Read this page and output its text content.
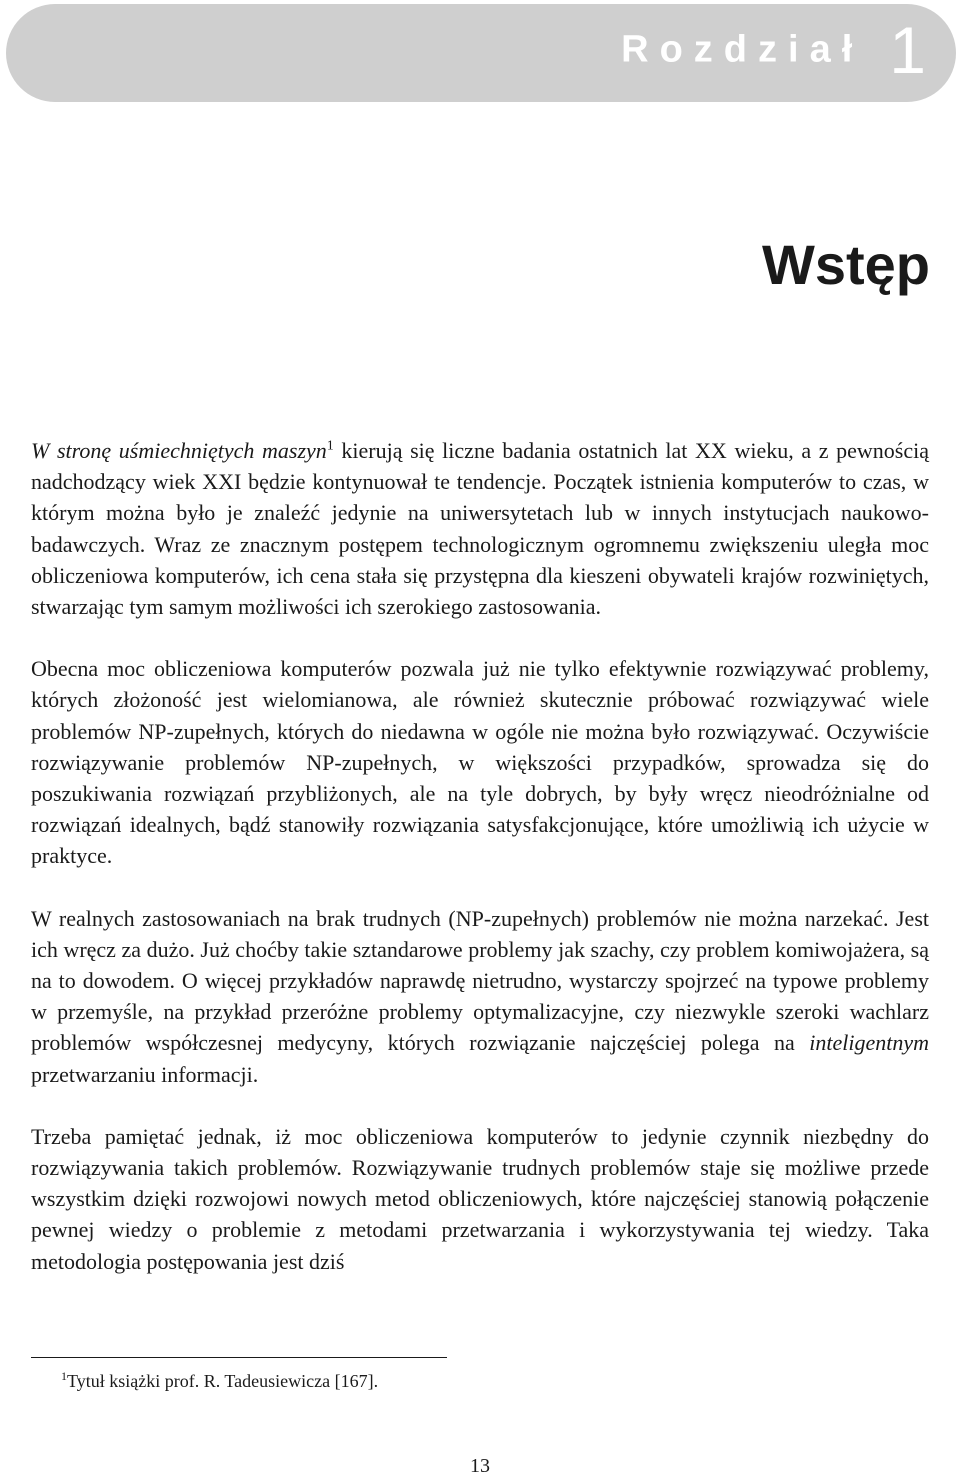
Rozdział 1
Wstęp

W stronę uśmiechniętych maszyn$^1$ kierują się liczne badania ostatnich lat XX wieku, a z pewnością nadchodzący wiek XXI będzie kontynuował te tendencje. Początek istnienia komputerów to czas, w którym można było je znaleźć jedynie na uniwersytetach lub w innych instytucjach naukowo-badawczych. Wraz ze znacznym postępem technologicznym ogromnemu zwiększeniu uległa moc obliczeniowa komputerów, ich cena stała się przystępna dla kieszeni obywateli krajów rozwiniętych, stwarzając tym samym możliwości ich szerokiego zastosowania.

Obecna moc obliczeniowa komputerów pozwala już nie tylko efektywnie rozwiązywać problemy, których złożoność jest wielomianowa, ale również skutecznie próbować rozwiązywać wiele problemów NP-zupełnych, których do niedawna w ogóle nie można było rozwiązywać. Oczywiście rozwiązywanie problemów NP-zupełnych, w większości przypadków, sprowadza się do poszukiwania rozwiązań przybliżonych, ale na tyle dobrych, by były wręcz nieodróżnialne od rozwiązań idealnych, bądź stanowiły rozwiązania satysfakcjonujące, które umożliwią ich użycie w praktyce.

W realnych zastosowaniach na brak trudnych (NP-zupełnych) problemów nie można narzekać. Jest ich wręcz za dużo. Już choćby takie sztandarowe problemy jak szachy, czy problem komiwojażera, są na to dowodem. O więcej przykładów naprawdę nietrudno, wystarczy spojrzeć na typowe problemy w przemyśle, na przykład przeróżne problemy optymalizacyjne, czy niezwykle szeroki wachlarz problemów współczesnej medycyny, których rozwiązanie najczęściej polega na inteligentnym przetwarzaniu informacji.

Trzeba pamiętać jednak, iż moc obliczeniowa komputerów to jedynie czynnik niezbędny do rozwiązywania takich problemów. Rozwiązywanie trudnych problemów staje się możliwe przede wszystkim dzięki rozwojowi nowych metod obliczeniowych, które najczęściej stanowią połączenie pewnej wiedzy o problemie z metodami przetwarzania i wykorzystywania tej wiedzy. Taka metodologia postępowania jest dziś

$^1$Tytuł książki prof. R. Tadeusiewicza [167].
13
